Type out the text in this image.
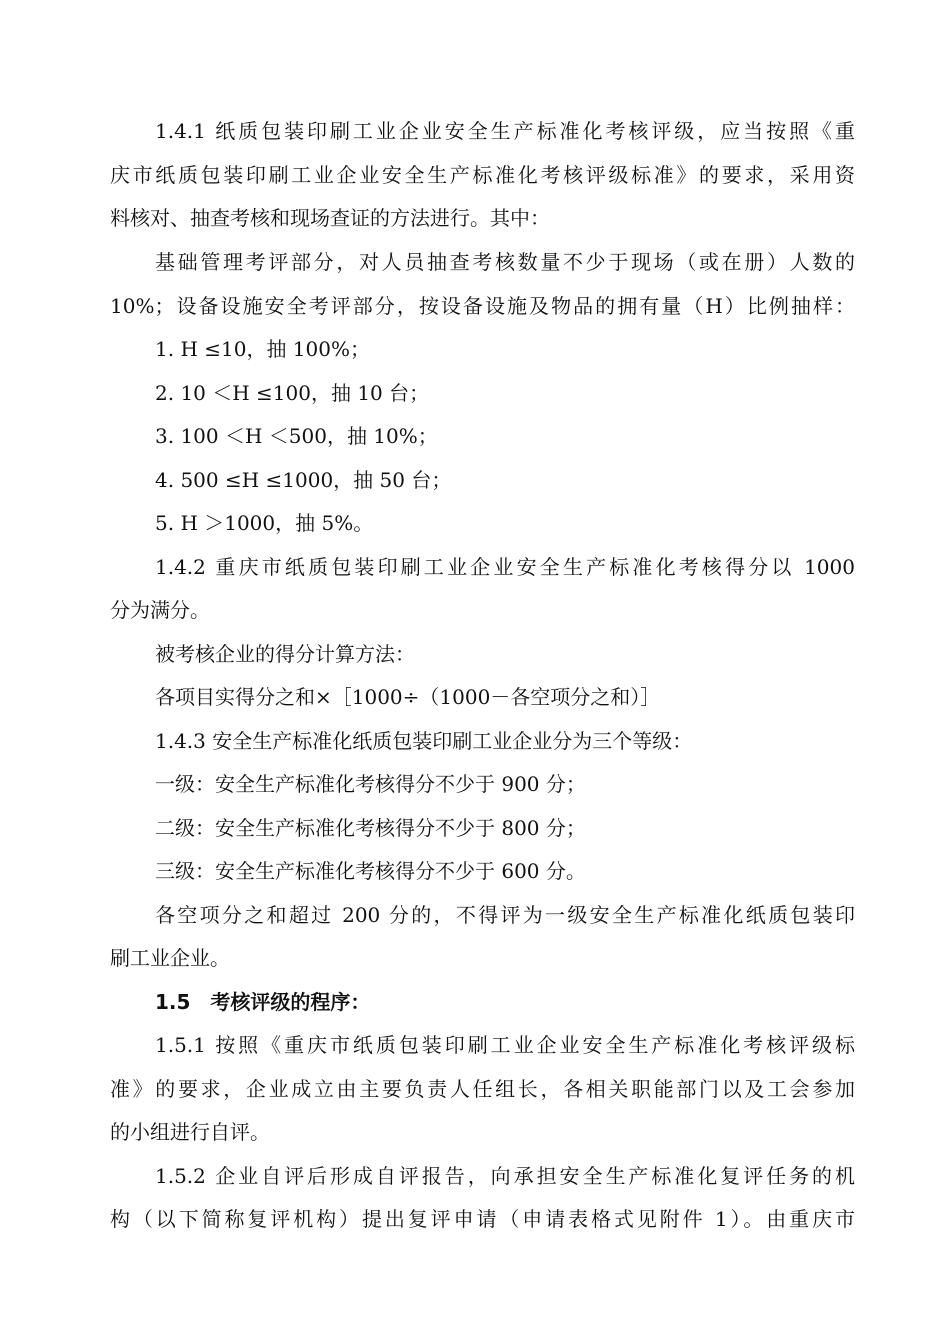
1.4.1 纸质包装印刷工业企业安全生产标准化考核评级，应当按照《重
庆市纸质包装印刷工业企业安全生产标准化考核评级标准》的要求，采用资
料核对、抽查考核和现场查证的方法进行。其中：
基础管理考评部分，对人员抽查考核数量不少于现场（或在册）人数的
10%；设备设施安全考评部分，按设备设施及物品的拥有量（H）比例抽样：
1. H ≤10，抽 100%；
2. 10 ＜H ≤100，抽 10 台；
3. 100 ＜H ＜500，抽 10%；
4. 500 ≤H ≤1000，抽 50 台；
5. H ＞1000，抽 5%。
1.4.2 重庆市纸质包装印刷工业企业安全生产标准化考核得分以 1000
分为满分。
被考核企业的得分计算方法：
各项目实得分之和×［1000÷（1000－各空项分之和）］
1.4.3 安全生产标准化纸质包装印刷工业企业分为三个等级：
一级：安全生产标准化考核得分不少于 900 分；
二级：安全生产标准化考核得分不少于 800 分；
三级：安全生产标准化考核得分不少于 600 分。
各空项分之和超过 200 分的，不得评为一级安全生产标准化纸质包装印
刷工业企业。
1.5　考核评级的程序：
1.5.1 按照《重庆市纸质包装印刷工业企业安全生产标准化考核评级标
准》的要求，企业成立由主要负责人任组长，各相关职能部门以及工会参加
的小组进行自评。
1.5.2 企业自评后形成自评报告，向承担安全生产标准化复评任务的机
构（以下简称复评机构）提出复评申请（申请表格式见附件 1）。由重庆市
